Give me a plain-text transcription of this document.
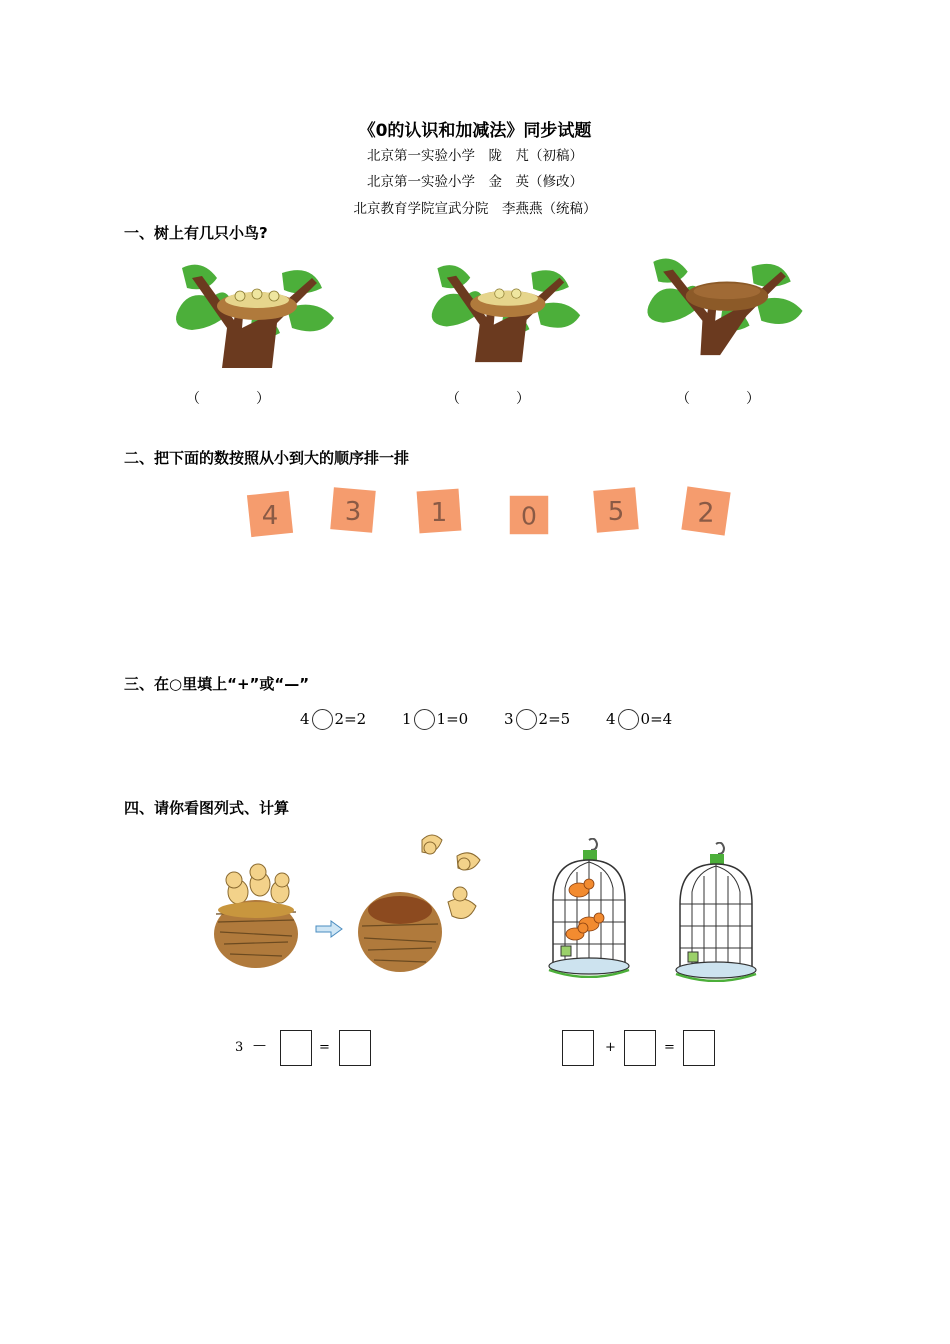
《0的认识和加减法》同步试题
北京第一实验小学　陇　芃（初稿）
北京第一实验小学　金　英（修改）
北京教育学院宣武分院　李燕燕（统稿）
一、树上有几只小鸟?
（　　　　）	（　　　　）	（　　　　）
二、把下面的数按照从小到大的顺序排一排
4	3	1	0	5	2
三、在○里填上“+”或“—”
4 2=2 1 1=0 3 2=5 4 0=4
四、请你看图列式、计算
3 —	=	+	=
